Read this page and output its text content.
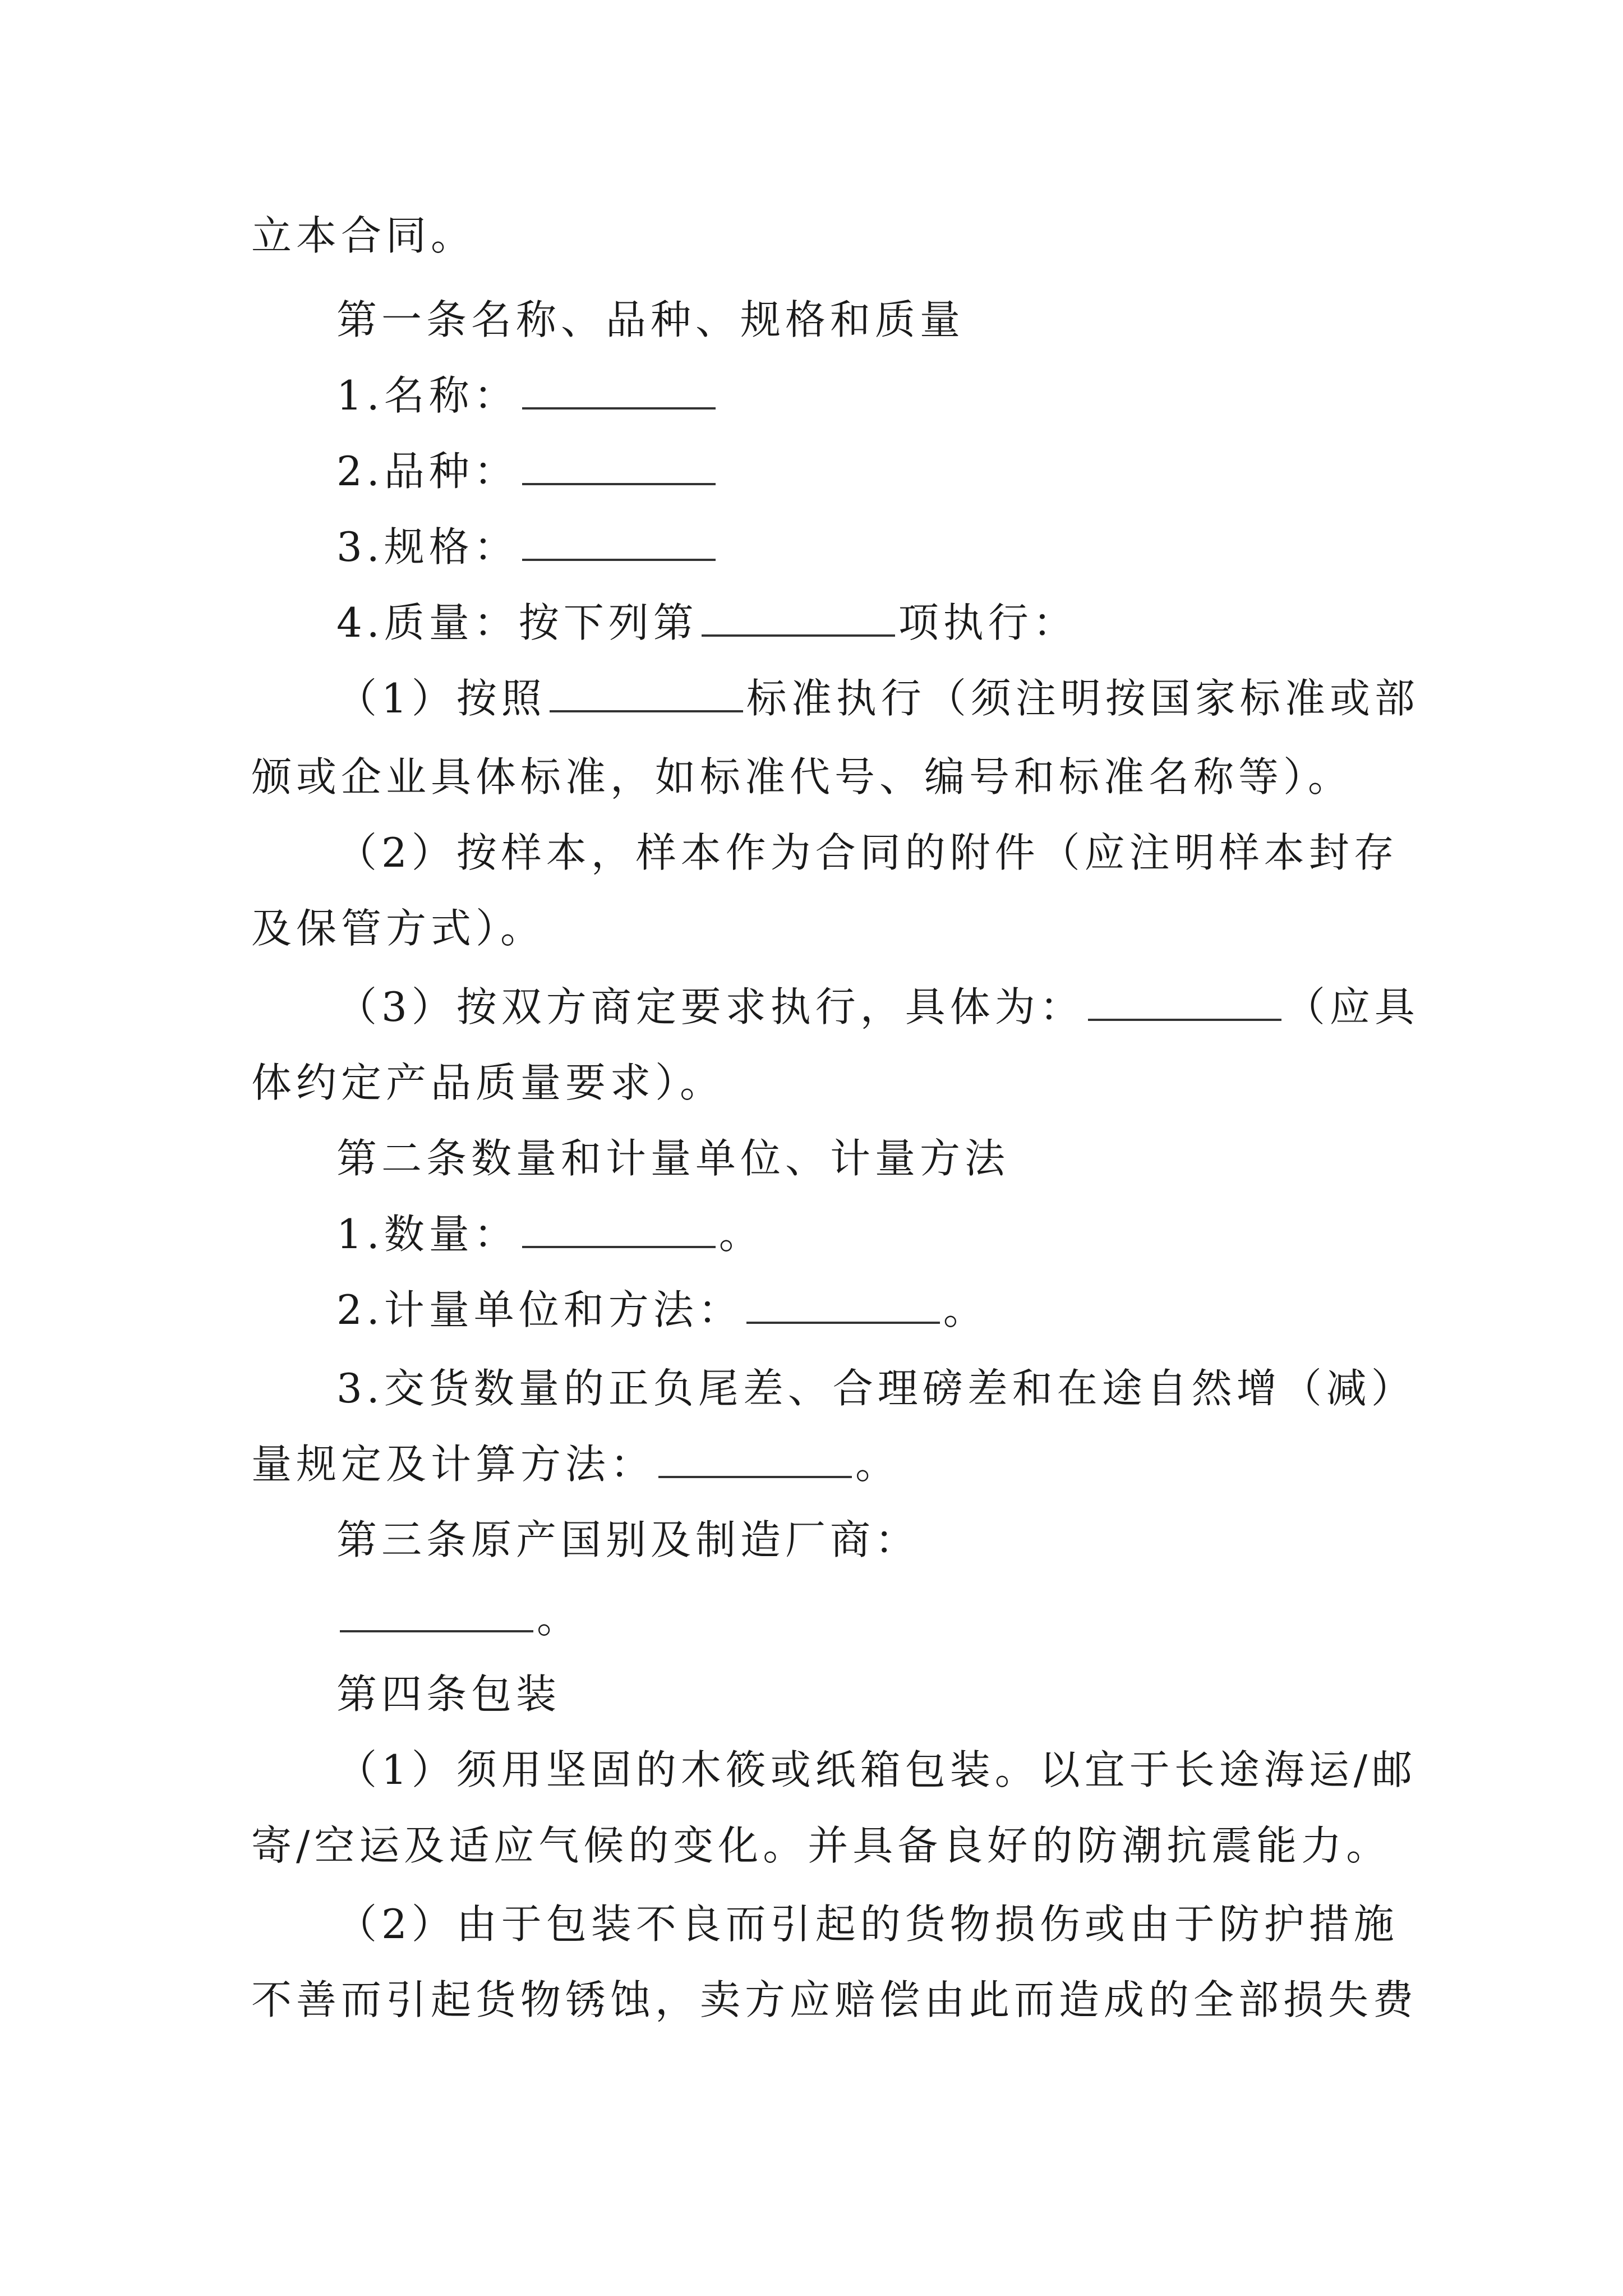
立本合同。
第一条名称、品种、规格和质量
1.名称：
2.品种：
3.规格：
4.质量：按下列第	项执行：
（1）按照	标准执行（须注明按国家标准或部
颁或企业具体标准，如标准代号、编号和标准名称等）。
（2）按样本，样本作为合同的附件（应注明样本封存
及保管方式）。
（3）按双方商定要求执行，具体为：	（应具
体约定产品质量要求）。
第二条数量和计量单位、计量方法
1.数量：	。
2.计量单位和方法：	。
3.交货数量的正负尾差、合理磅差和在途自然增（减）
量规定及计算方法：	。
第三条原产国别及制造厂商：
。
第四条包装
（1）须用坚固的木筱或纸箱包装。以宜于长途海运/邮
寄/空运及适应气候的变化。并具备良好的防潮抗震能力。
（2）由于包装不良而引起的货物损伤或由于防护措施
不善而引起货物锈蚀，卖方应赔偿由此而造成的全部损失费
